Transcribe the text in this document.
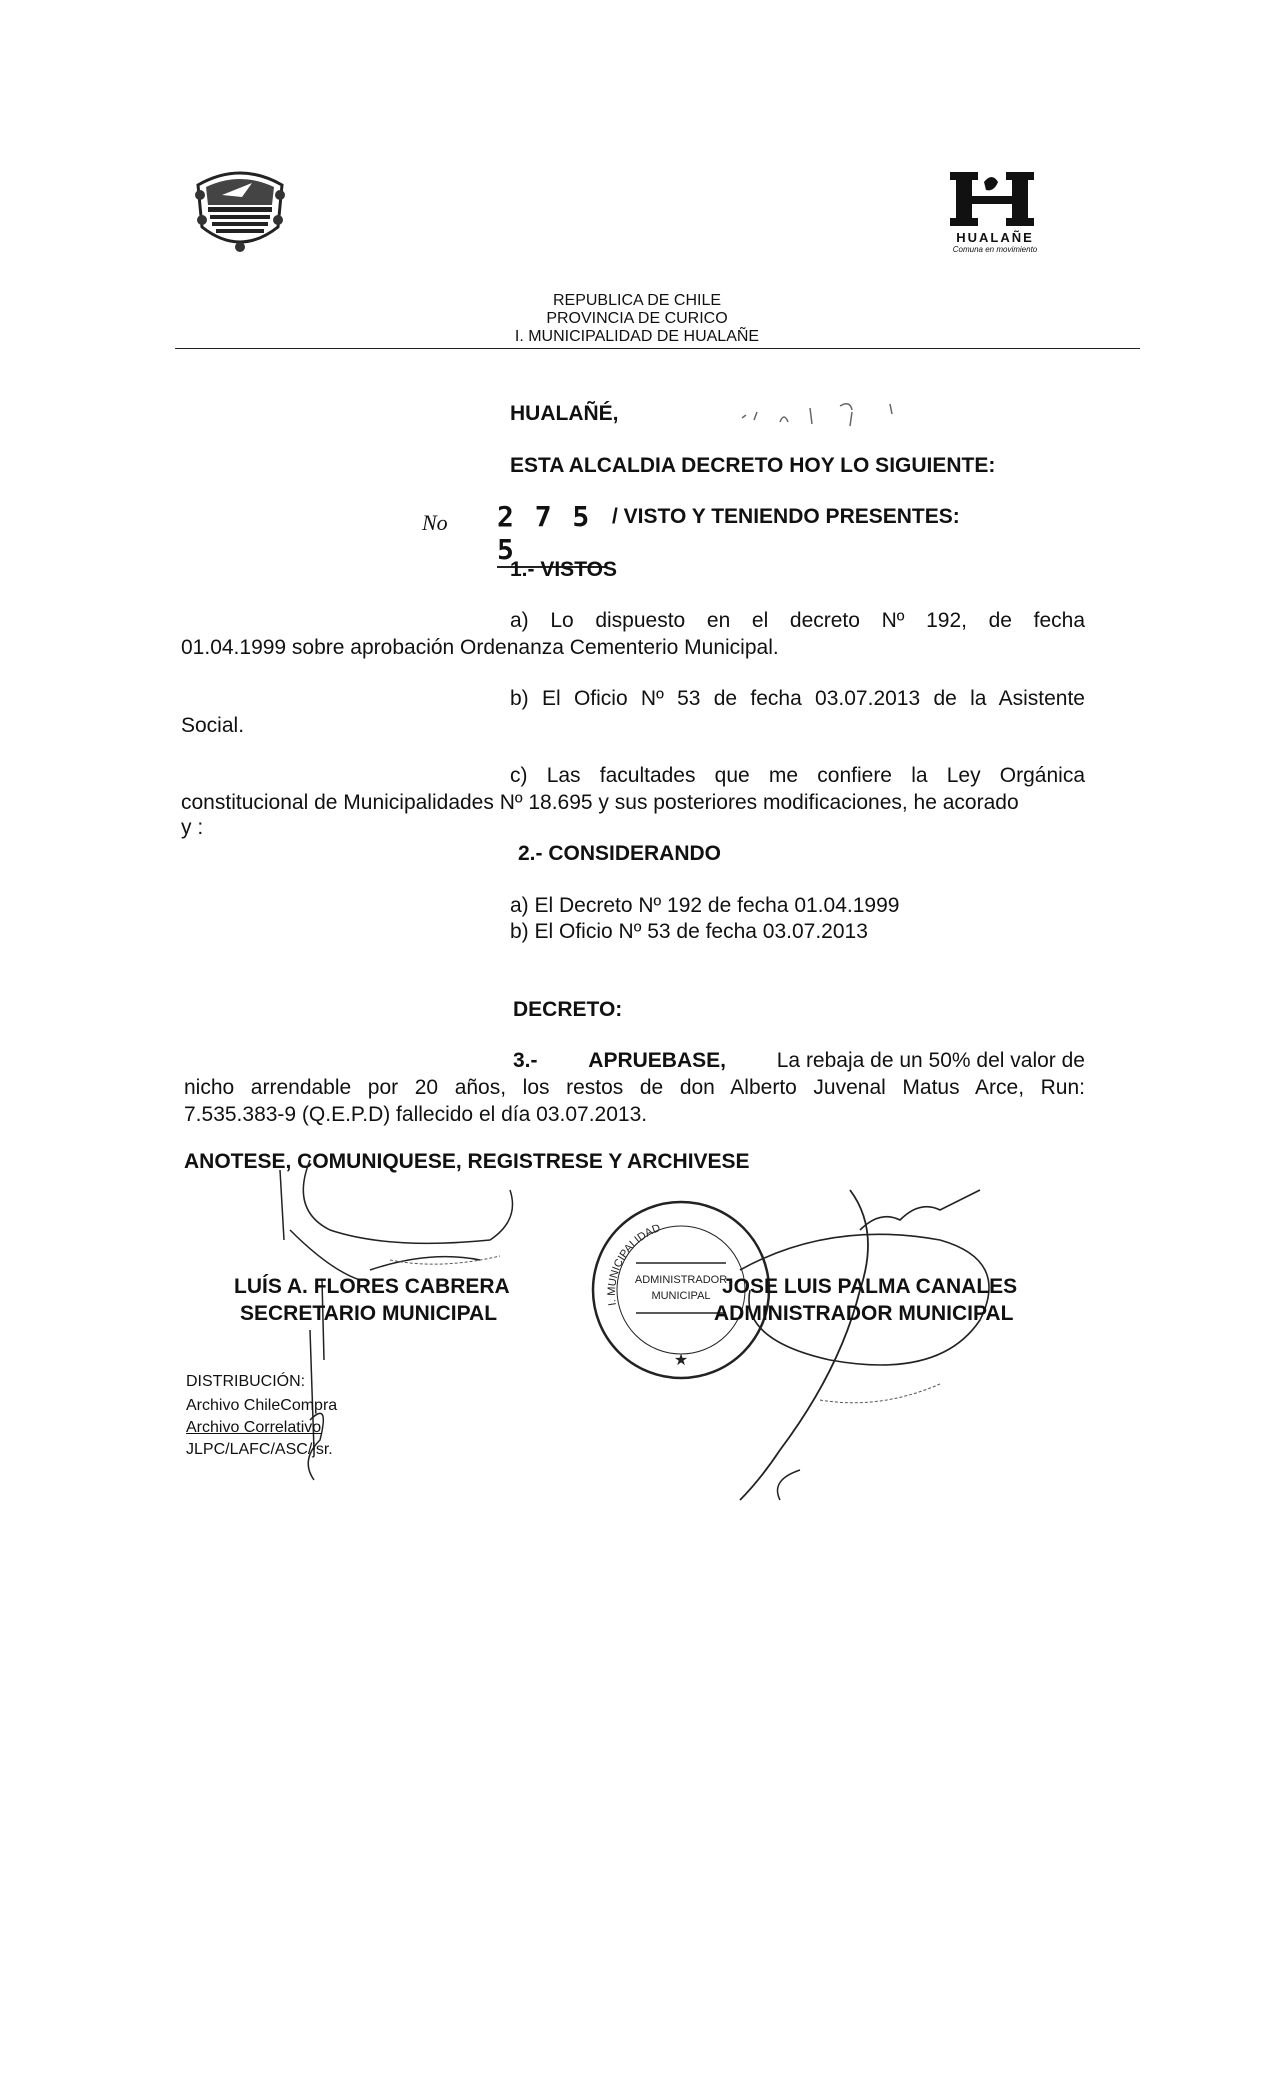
HUALAÑE
Comuna en movimiento
REPUBLICA DE CHILE
PROVINCIA DE CURICO
I. MUNICIPALIDAD DE HUALAÑE
HUALAÑÉ,
ESTA ALCALDIA DECRETO HOY LO SIGUIENTE:
No 2 7 5 5
/ VISTO Y TENIENDO PRESENTES:
1.- VISTOS
a) Lo dispuesto en el decreto Nº 192, de fecha
01.04.1999 sobre aprobación Ordenanza Cementerio Municipal.
b) El Oficio Nº 53 de fecha 03.07.2013 de la Asistente
Social.
c) Las facultades que me confiere la Ley Orgánica
constitucional de Municipalidades Nº 18.695 y sus posteriores modificaciones, he acorado
y :
2.- CONSIDERANDO
a) El Decreto Nº 192 de fecha 01.04.1999
b) El Oficio Nº 53 de fecha 03.07.2013
DECRETO:
3.- APRUEBASE, La rebaja de un 50% del valor de
nicho arrendable por 20 años, los restos de don Alberto Juvenal Matus Arce, Run:
7.535.383-9 (Q.E.P.D) fallecido el día 03.07.2013.
ANOTESE, COMUNIQUESE, REGISTRESE Y ARCHIVESE
LUÍS A. FLORES CABRERA
SECRETARIO MUNICIPAL	I. MUNICIPALIDAD
ADMINISTRADOR
MUNICIPAL
★
JOSE LUIS PALMA CANALES
ADMINISTRADOR MUNICIPAL
DISTRIBUCIÓN:
Archivo ChileCompra
Archivo Correlativo
JLPC/LAFC/ASC/jsr.
